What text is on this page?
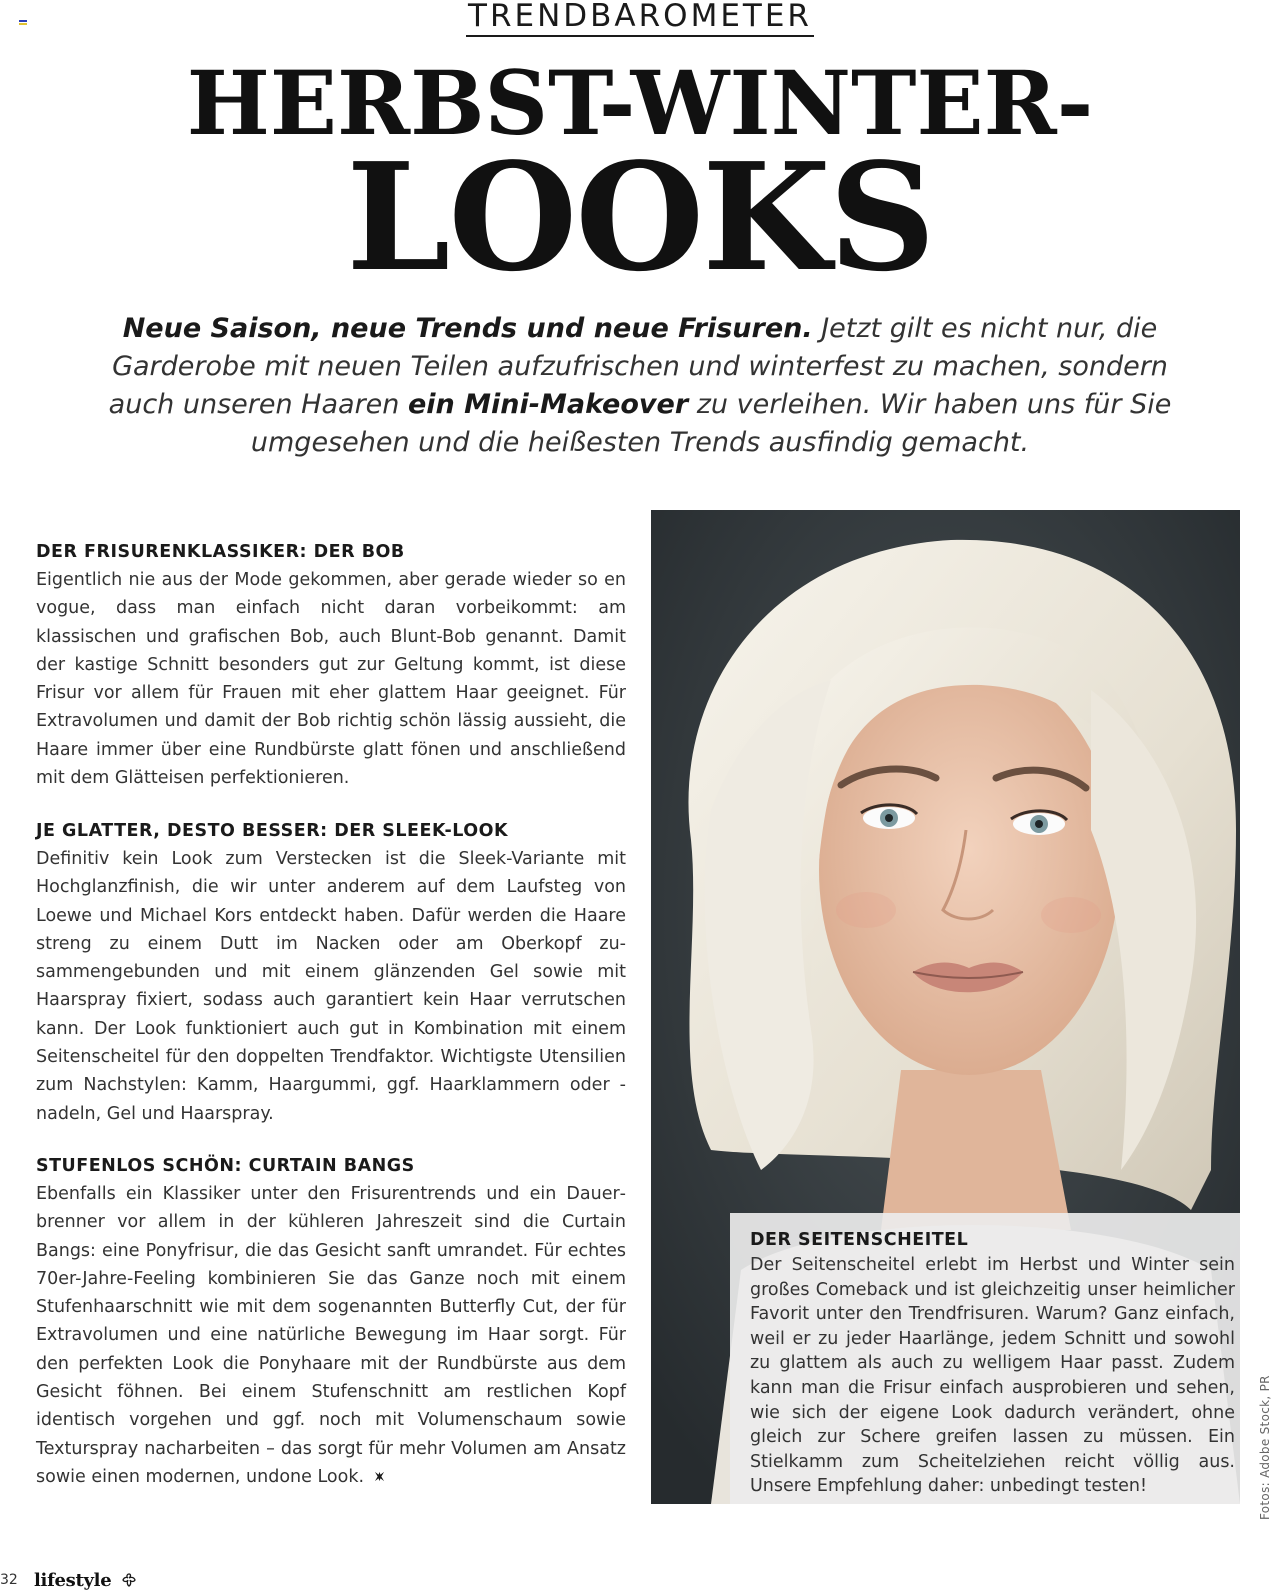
TRENDBAROMETER
HERBST-WINTER-
LOOKS

Neue Saison, neue Trends und neue Frisuren. Jetzt gilt es nicht nur, die Garderobe mit neuen Teilen aufzufrischen und winterfest zu machen, sondern auch unseren Haaren ein Mini-Makeover zu verleihen. Wir haben uns für Sie umgesehen und die heißesten Trends ausfindig gemacht.

DER FRISURENKLASSIKER: DER BOB

Eigentlich nie aus der Mode gekommen, aber gerade wieder so en vogue, dass man einfach nicht daran vorbeikommt: am klassischen und grafischen Bob, auch Blunt-Bob genannt. Damit der kastige Schnitt besonders gut zur Geltung kommt, ist diese Frisur vor allem für Frauen mit eher glattem Haar geeignet. Für Extravolumen und damit der Bob richtig schön lässig aussieht, die Haare immer über eine Rundbürste glatt fönen und anschließend mit dem Glätteisen perfektionieren.

JE GLATTER, DESTO BESSER: DER SLEEK-LOOK

Definitiv kein Look zum Verstecken ist die Sleek-Variante mit Hochglanzfinish, die wir unter anderem auf dem Laufsteg von Loewe und Michael Kors entdeckt haben. Dafür werden die Haare streng zu einem Dutt im Nacken oder am Oberkopf zusammengebunden und mit einem glänzenden Gel sowie mit Haarspray fixiert, sodass auch garantiert kein Haar verrutschen kann. Der Look funktioniert auch gut in Kombination mit einem Seitenscheitel für den doppelten Trendfaktor. Wichtigste Utensilien zum Nachstylen: Kamm, Haargummi, ggf. Haarklammern oder -nadeln, Gel und Haarspray.

STUFENLOS SCHÖN: CURTAIN BANGS

Ebenfalls ein Klassiker unter den Frisurentrends und ein Dauerbrenner vor allem in der kühleren Jahreszeit sind die Curtain Bangs: eine Ponyfrisur, die das Gesicht sanft umrandet. Für echtes 70er-Jahre-Feeling kombinieren Sie das Ganze noch mit einem Stufenhaarschnitt wie mit dem sogenannten Butterfly Cut, der für Extravolumen und eine natürliche Bewegung im Haar sorgt. Für den perfekten Look die Ponyhaare mit der Rundbürste aus dem Gesicht föhnen. Bei einem Stufenschnitt am restlichen Kopf identisch vorgehen und ggf. noch mit Volumenschaum sowie Texturspray nacharbeiten – das sorgt für mehr Volumen am Ansatz sowie einen modernen, undone Look.

DER SEITENSCHEITEL

Der Seitenscheitel erlebt im Herbst und Winter sein großes Comeback und ist gleichzeitig unser heimlicher Favorit unter den Trendfrisuren. Warum? Ganz einfach, weil er zu jeder Haarlänge, jedem Schnitt und sowohl zu glattem als auch zu welligem Haar passt. Zudem kann man die Frisur einfach ausprobieren und sehen, wie sich der eigene Look dadurch verändert, ohne gleich zur Schere greifen lassen zu müssen. Ein Stielkamm zum Scheitelziehen reicht völlig aus. Unsere Empfehlung daher: unbedingt testen!	Fotos: Adobe Stock, PR
32 lifestyle
